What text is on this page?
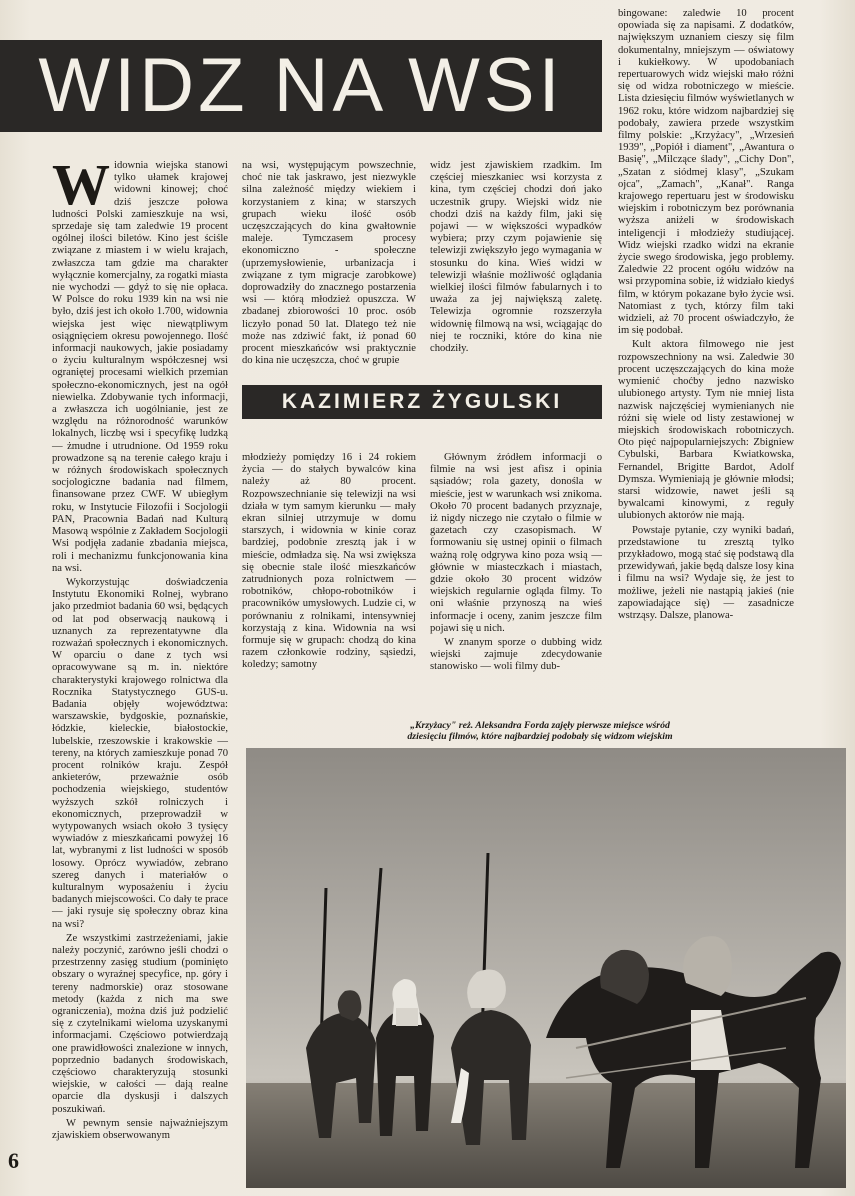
WIDZ NA WSI

Widownia wiejska stanowi tylko ułamek krajowej widowni kinowej; choć dziś jeszcze połowa ludności Polski zamieszkuje na wsi, sprzedaje się tam zaledwie 19 procent ogólnej ilości biletów. Kino jest ściśle związane z miastem i w wielu krajach, zwłaszcza tam gdzie ma charakter wyłącznie komercjalny, za rogatki miasta nie wychodzi — gdyż to się nie opłaca. W Polsce do roku 1939 kin na wsi nie było, dziś jest ich około 1.700, widownia wiejska jest więc niewątpliwym osiągnięciem okresu powojennego. Ilość informacji naukowych, jakie posiadamy o życiu kulturalnym współczesnej wsi ograniętej procesami wielkich przemian społeczno-ekonomicznych, jest na ogół niewielka. Zdobywanie tych informacji, a zwłaszcza ich uogólnianie, jest ze względu na różnorodność warunków lokalnych, liczbę wsi i specyfikę ludzką — żmudne i utrudnione. Od 1959 roku prowadzone są na terenie całego kraju i w różnych środowiskach społecznych socjologiczne badania nad filmem, finansowane przez CWF. W ubiegłym roku, w Instytucie Filozofii i Socjologii PAN, Pracownia Badań nad Kulturą Masową wspólnie z Zakładem Socjologii Wsi podjęła zadanie zbadania miejsca, roli i mechanizmu funkcjonowania kina na wsi.

Wykorzystując doświadczenia Instytutu Ekonomiki Rolnej, wybrano jako przedmiot badania 60 wsi, będących od lat pod obserwacją naukową i uznanych za reprezentatywne dla rozważań społecznych i ekonomicznych. W oparciu o dane z tych wsi opracowywane są m. in. niektóre charakterystyki krajowego rolnictwa dla Rocznika Statystycznego GUS-u. Badania objęły województwa: warszawskie, bydgoskie, poznańskie, łódzkie, kieleckie, białostockie, lubelskie, rzeszowskie i krakowskie — tereny, na których zamieszkuje ponad 70 procent rolników kraju. Zespół ankieterów, przeważnie osób pochodzenia wiejskiego, studentów wyższych szkół rolniczych i ekonomicznych, przeprowadził w wytypowanych wsiach około 3 tysięcy wywiadów z mieszkańcami powyżej 16 lat, wybranymi z list ludności w sposób losowy. Oprócz wywiadów, zebrano szereg danych i materiałów o kulturalnym wyposażeniu i życiu badanych miejscowości. Co dały te prace — jaki rysuje się społeczny obraz kina na wsi?

Ze wszystkimi zastrzeżeniami, jakie należy poczynić, zarówno jeśli chodzi o przestrzenny zasięg studium (pominięto obszary o wyraźnej specyfice, np. góry i tereny nadmorskie) oraz stosowane metody (każda z nich ma swe ograniczenia), można dziś już podzielić się z czytelnikami wieloma uzyskanymi informacjami. Częściowo potwierdzają one prawidłowości znalezione w innych, poprzednio badanych środowiskach, częściowo charakteryzują stosunki wiejskie, w całości — dają realne oparcie dla dyskusji i dalszych poszukiwań.

W pewnym sensie najważniejszym zjawiskiem obserwowanym

na wsi, występującym powszechnie, choć nie tak jaskrawo, jest niezwykle silna zależność między wiekiem i korzystaniem z kina; w starszych grupach wieku ilość osób uczęszczających do kina gwałtownie maleje. Tymczasem procesy ekonomiczno - społeczne (uprzemysłowienie, urbanizacja i związane z tym migracje zarobkowe) doprowadziły do znacznego postarzenia wsi — którą młodzież opuszcza. W zbadanej zbiorowości 10 proc. osób liczyło ponad 50 lat. Dlatego też nie może nas zdziwić fakt, iż ponad 60 procent mieszkańców wsi praktycznie do kina nie uczęszcza, choć w grupie

widz jest zjawiskiem rzadkim. Im częściej mieszkaniec wsi korzysta z kina, tym częściej chodzi doń jako uczestnik grupy. Wiejski widz nie chodzi dziś na każdy film, jaki się pojawi — w większości wypadków wybiera; przy czym pojawienie się telewizji zwiększyło jego wymagania w stosunku do kina. Wieś widzi w telewizji właśnie możliwość oglądania wielkiej ilości filmów fabularnych i to uważa za jej największą zaletę. Telewizja ogromnie rozszerzyła widownię filmową na wsi, wciągając do niej te roczniki, które do kina nie chodziły.

KAZIMIERZ ŻYGULSKI

młodzieży pomiędzy 16 i 24 rokiem życia — do stałych bywalców kina należy aż 80 procent. Rozpowszechnianie się telewizji na wsi działa w tym samym kierunku — mały ekran silniej utrzymuje w domu starszych, i widownia w kinie coraz bardziej, podobnie zresztą jak i w mieście, odmładza się. Na wsi zwiększa się obecnie stale ilość mieszkańców zatrudnionych poza rolnictwem — robotników, chłopo-robotników i pracowników umysłowych. Ludzie ci, w porównaniu z rolnikami, intensywniej korzystają z kina. Widownia na wsi formuje się w grupach: chodzą do kina razem członkowie rodziny, sąsiedzi, koledzy; samotny

Głównym źródłem informacji o filmie na wsi jest afisz i opinia sąsiadów; rola gazety, donośla w mieście, jest w warunkach wsi znikoma. Około 70 procent badanych przyznaje, iż nigdy niczego nie czytało o filmie w gazetach czy czasopismach. W formowaniu się ustnej opinii o filmach ważną rolę odgrywa kino poza wsią — głównie w miasteczkach i miastach, gdzie około 30 procent widzów wiejskich regularnie ogląda filmy. To oni właśnie przynoszą na wieś informacje i oceny, zanim jeszcze film pojawi się u nich.

W znanym sporze o dubbing widz wiejski zajmuje zdecydowanie stanowisko — woli filmy dub-

bingowane: zaledwie 10 procent opowiada się za napisami. Z dodatków, największym uznaniem cieszy się film dokumentalny, mniejszym — oświatowy i kukiełkowy. W upodobaniach repertuarowych widz wiejski mało różni się od widza robotniczego w mieście. Lista dziesięciu filmów wyświetlanych w 1962 roku, które widzom najbardziej się podobały, zawiera przede wszystkim filmy polskie: „Krzyżacy", „Wrzesień 1939", „Popiół i diament", „Awantura o Basię", „Milczące ślady", „Cichy Don", „Szatan z siódmej klasy", „Szukam ojca", „Zamach", „Kanał". Ranga krajowego repertuaru jest w środowisku wiejskim i robotniczym bez porównania wyższa aniżeli w środowiskach inteligencji i młodzieży studiującej. Widz wiejski rzadko widzi na ekranie życie swego środowiska, jego problemy. Zaledwie 22 procent ogółu widzów na wsi przypomina sobie, iż widziało kiedyś film, w którym pokazane było życie wsi. Natomiast z tych, którzy film taki widzieli, aż 70 procent oświadczyło, że im się podobał.

Kult aktora filmowego nie jest rozpowszechniony na wsi. Zaledwie 30 procent uczęszczających do kina może wymienić choćby jedno nazwisko ulubionego artysty. Tym nie mniej lista nazwisk najczęściej wymienianych nie różni się wiele od listy zestawionej w miejskich środowiskach robotniczych. Oto pięć najpopularniejszych: Zbigniew Cybulski, Barbara Kwiatkowska, Fernandel, Brigitte Bardot, Adolf Dymsza. Wymieniają je głównie młodsi; starsi widzowie, nawet jeśli są bywalcami kinowymi, z reguły ulubionych aktorów nie mają.

Powstaje pytanie, czy wyniki badań, przedstawione tu zresztą tylko przykładowo, mogą stać się podstawą dla przewidywań, jakie będą dalsze losy kina i filmu na wsi? Wydaje się, że jest to możliwe, jeżeli nie nastąpią jakieś (nie zapowiadające się) — zasadnicze wstrząsy. Dalsze, planowa-

„Krzyżacy" reż. Aleksandra Forda zajęły pierwsze miejsce wśród dziesięciu filmów, które najbardziej podobały się widzom wiejskim
6
